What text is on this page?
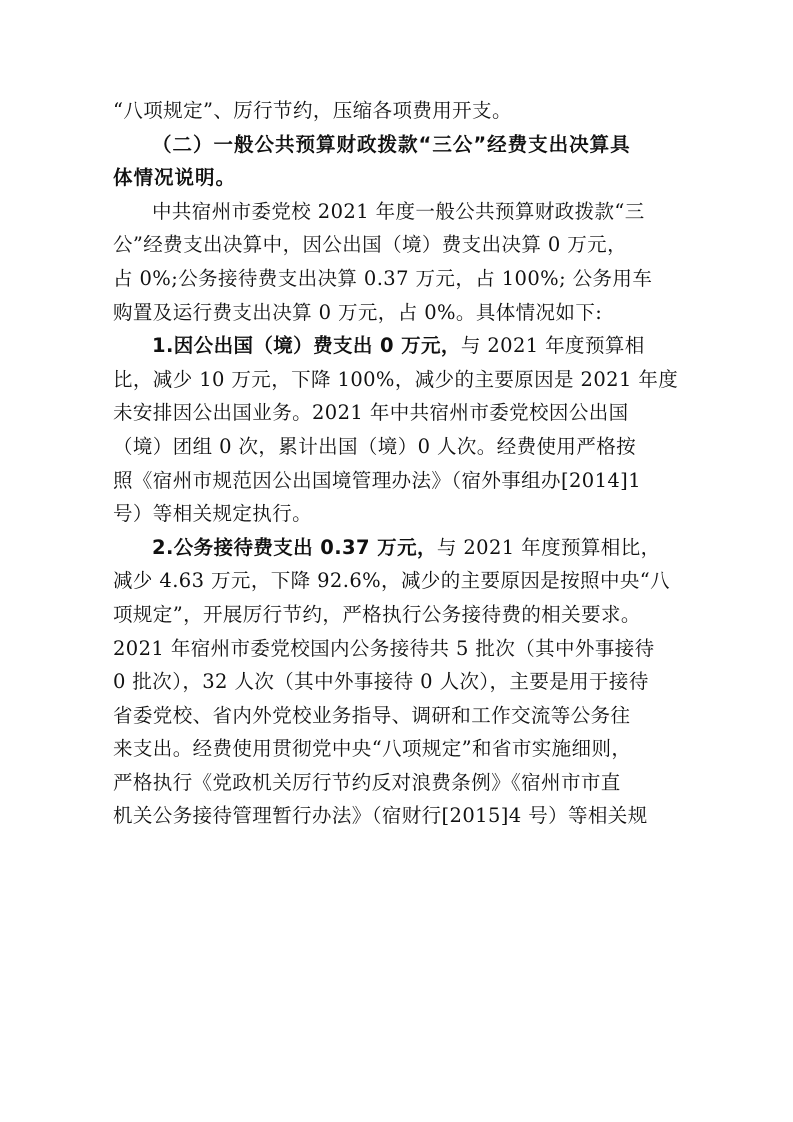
“八项规定”、厉行节约，压缩各项费用开支。
（二）一般公共预算财政拨款“三公”经费支出决算具
体情况说明。
中共宿州市委党校 2021 年度一般公共预算财政拨款“三
公”经费支出决算中，因公出国（境）费支出决算 0 万元，
占 0%;公务接待费支出决算 0.37 万元，占 100%; 公务用车
购置及运行费支出决算 0 万元，占 0%。具体情况如下:
1.因公出国（境）费支出 0 万元，与 2021 年度预算相
比，减少 10 万元，下降 100%，减少的主要原因是 2021 年度
未安排因公出国业务。2021 年中共宿州市委党校因公出国
（境）团组 0 次，累计出国（境）0 人次。经费使用严格按
照《宿州市规范因公出国境管理办法》（宿外事组办[2014]1
号）等相关规定执行。
2.公务接待费支出 0.37 万元，与 2021 年度预算相比，
减少 4.63 万元，下降 92.6%，减少的主要原因是按照中央“八
项规定”，开展厉行节约，严格执行公务接待费的相关要求。
2021 年宿州市委党校国内公务接待共 5 批次（其中外事接待
0 批次），32 人次（其中外事接待 0 人次），主要是用于接待
省委党校、省内外党校业务指导、调研和工作交流等公务往
来支出。经费使用贯彻党中央“八项规定”和省市实施细则，
严格执行《党政机关厉行节约反对浪费条例》《宿州市市直
机关公务接待管理暂行办法》（宿财行[2015]4 号）等相关规
